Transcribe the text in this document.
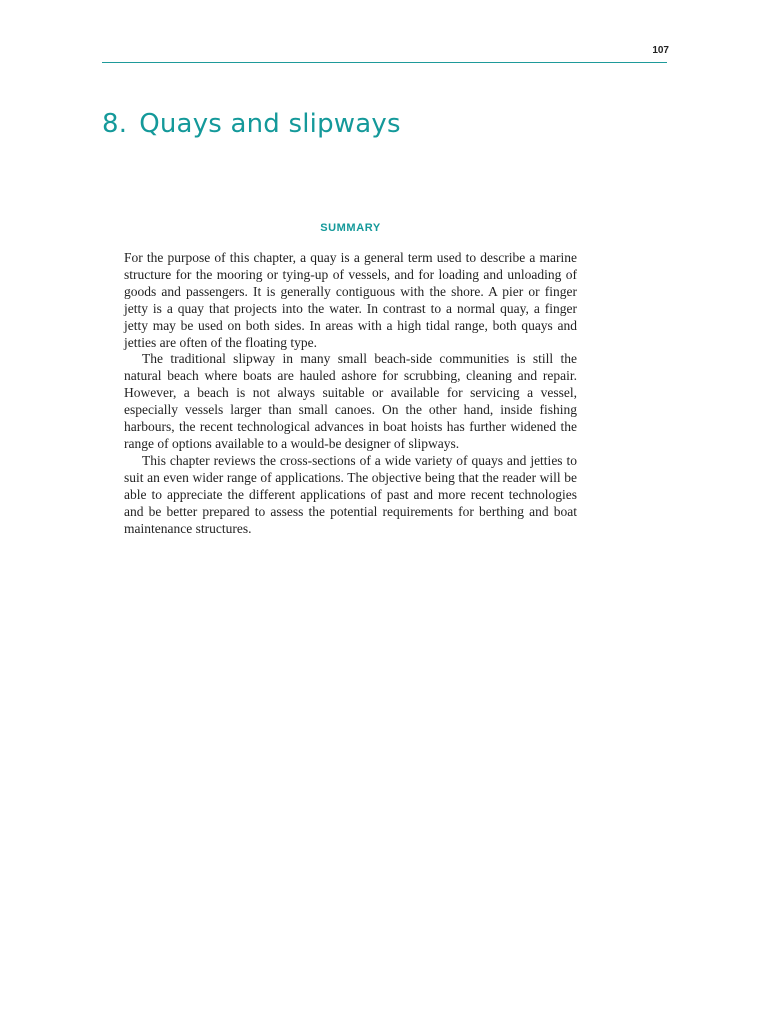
107
8. Quays and slipways
SUMMARY

For the purpose of this chapter, a quay is a general term used to describe a marine structure for the mooring or tying-up of vessels, and for loading and unloading of goods and passengers. It is generally contiguous with the shore. A pier or finger jetty is a quay that projects into the water. In contrast to a normal quay, a finger jetty may be used on both sides. In areas with a high tidal range, both quays and jetties are often of the floating type.

The traditional slipway in many small beach-side communities is still the natural beach where boats are hauled ashore for scrubbing, cleaning and repair. However, a beach is not always suitable or available for servicing a vessel, especially vessels larger than small canoes. On the other hand, inside fishing harbours, the recent technological advances in boat hoists has further widened the range of options available to a would-be designer of slipways.

This chapter reviews the cross-sections of a wide variety of quays and jetties to suit an even wider range of applications. The objective being that the reader will be able to appreciate the different applications of past and more recent technologies and be better prepared to assess the potential requirements for berthing and boat maintenance structures.
